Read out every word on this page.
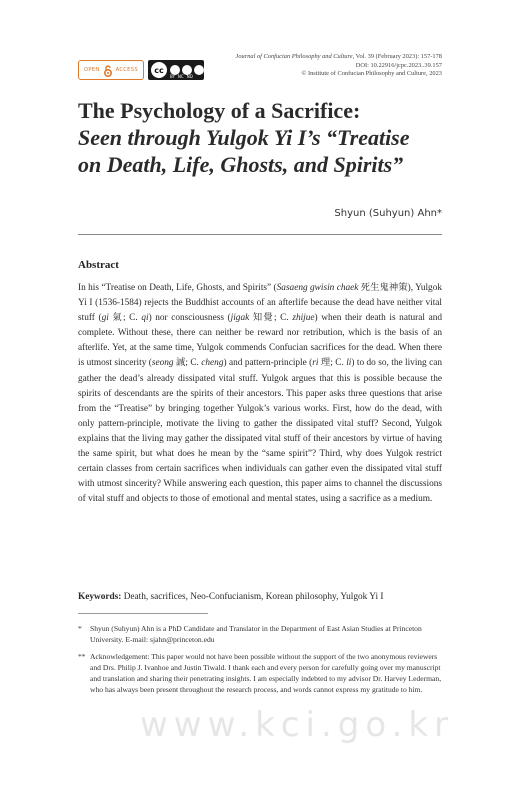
OPEN	ACCESS	cc
BY NC ND
Journal of Confucian Philosophy and Culture, Vol. 39 (February 2023): 157-178
DOI: 10.22916/jcpc.2023..39.157
© Institute of Confucian Philosophy and Culture, 2023
The Psychology of a Sacrifice:
Seen through Yulgok Yi I’s “Treatise
on Death, Life, Ghosts, and Spirits”
Shyun (Suhyun) Ahn*
Abstract

In his “Treatise on Death, Life, Ghosts, and Spirits” (Sasaeng gwisin chaek 死生鬼神策), Yulgok Yi I (1536-1584) rejects the Buddhist accounts of an afterlife because the dead have neither vital stuff (gi 氣; C. qi) nor consciousness (jigak 知覺; C. zhijue) when their death is natural and complete. Without these, there can neither be reward nor retribution, which is the basis of an afterlife. Yet, at the same time, Yulgok commends Confucian sacrifices for the dead. When there is utmost sincerity (seong 誠; C. cheng) and pattern-principle (ri 理; C. li) to do so, the living can gather the dead’s already dissipated vital stuff. Yulgok argues that this is possible because the spirits of descendants are the spirits of their ancestors. This paper asks three questions that arise from the “Treatise” by bringing together Yulgok’s various works. First, how do the dead, with only pattern-principle, motivate the living to gather the dissipated vital stuff? Second, Yulgok explains that the living may gather the dissipated vital stuff of their ancestors by virtue of having the same spirit, but what does he mean by the “same spirit”? Third, why does Yulgok restrict certain classes from certain sacrifices when individuals can gather even the dissipated vital stuff with utmost sincerity? While answering each question, this paper aims to channel the discussions of vital stuff and objects to those of emotional and mental states, using a sacrifice as a medium.

Keywords: Death, sacrifices, Neo-Confucianism, Korean philosophy, Yulgok Yi I
* Shyun (Suhyun) Ahn is a PhD Candidate and Translator in the Department of East Asian Studies at Princeton University. E-mail: sjahn@princeton.edu
** Acknowledgement: This paper would not have been possible without the support of the two anonymous reviewers and Drs. Philip J. Ivanhoe and Justin Tiwald. I thank each and every person for carefully going over my manuscript and translation and sharing their penetrating insights. I am especially indebted to my advisor Dr. Harvey Lederman, who has always been present throughout the research process, and words cannot express my gratitude to him.
www.kci.go.kr
